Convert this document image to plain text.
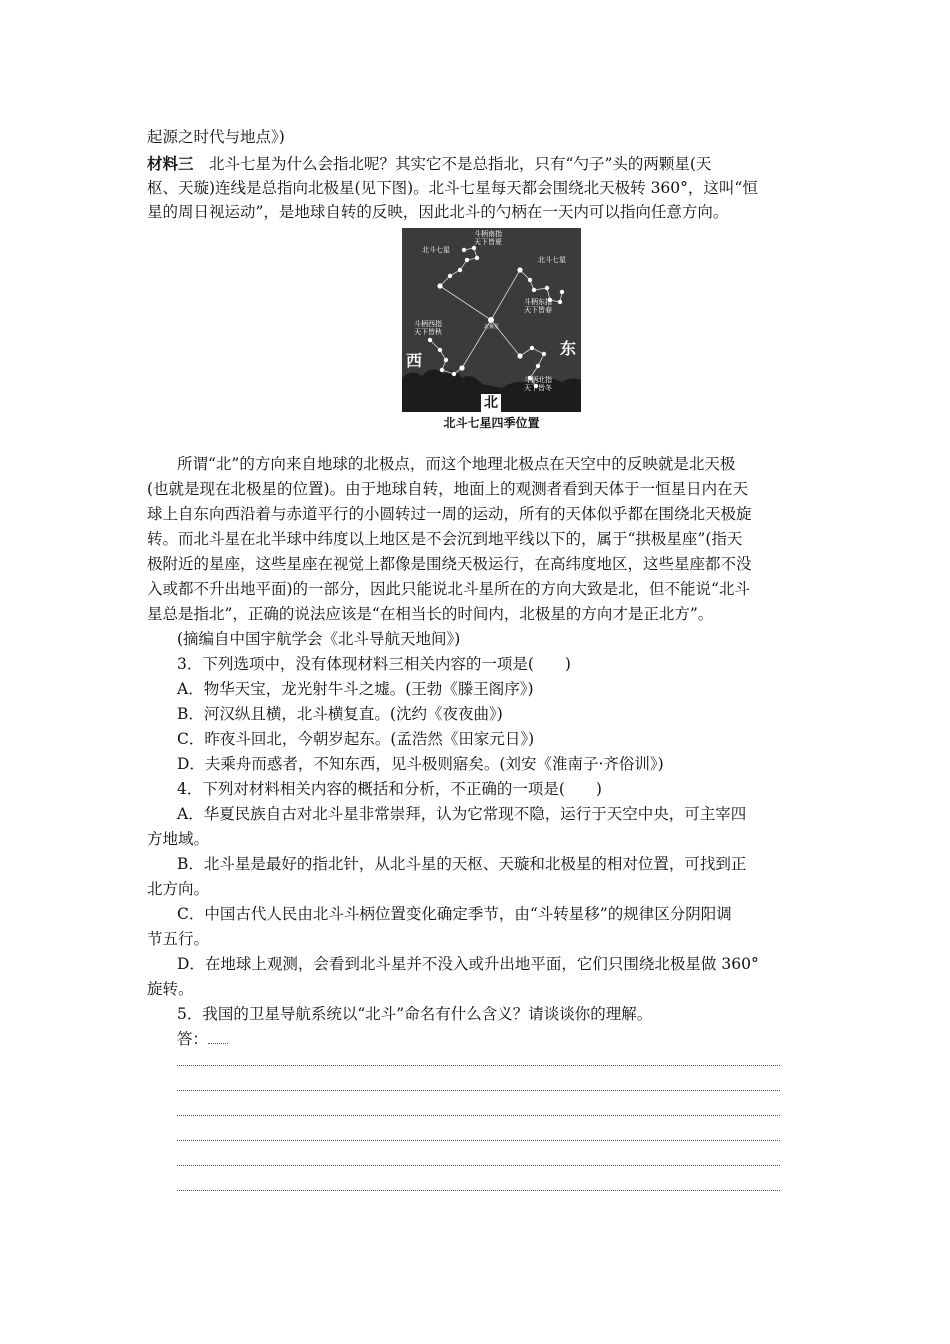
起源之时代与地点》)
材料三　 北斗七星为什么会指北呢？其实它不是总指北，只有“勺子”头的两颗星(天
枢、天璇)连线是总指向北极星(见下图)。北斗七星每天都会围绕北天极转 360°，这叫“恒
星的周日视运动”，是地球自转的反映，因此北斗的勺柄在一天内可以指向任意方向。
斗柄南指
天下皆夏
北斗七星
北斗七星
斗柄东指
天下皆春
斗柄西指
天下皆秋
北极星
斗柄北指
天下皆冬
西
东
北
北斗七星四季位置
所谓“北”的方向来自地球的北极点，而这个地理北极点在天空中的反映就是北天极
(也就是现在北极星的位置)。由于地球自转，地面上的观测者看到天体于一恒星日内在天
球上自东向西沿着与赤道平行的小圆转过一周的运动，所有的天体似乎都在围绕北天极旋
转。而北斗星在北半球中纬度以上地区是不会沉到地平线以下的，属于“拱极星座”(指天
极附近的星座，这些星座在视觉上都像是围绕天极运行，在高纬度地区，这些星座都不没
入或都不升出地平面)的一部分，因此只能说北斗星所在的方向大致是北，但不能说“北斗
星总是指北”，正确的说法应该是“在相当长的时间内，北极星的方向才是正北方”。
(摘编自中国宇航学会《北斗导航天地间》)
3．下列选项中，没有体现材料三相关内容的一项是(　　)
A．物华天宝，龙光射牛斗之墟。(王勃《滕王阁序》)
B．河汉纵且横，北斗横复直。(沈约《夜夜曲》)
C．昨夜斗回北，今朝岁起东。(孟浩然《田家元日》)
D．夫乘舟而惑者，不知东西，见斗极则寤矣。(刘安《淮南子·齐俗训》)
4．下列对材料相关内容的概括和分析，不正确的一项是(　　)
A．华夏民族自古对北斗星非常崇拜，认为它常现不隐，运行于天空中央，可主宰四
方地域。
B．北斗星是最好的指北针，从北斗星的天枢、天璇和北极星的相对位置，可找到正
北方向。
C．中国古代人民由北斗斗柄位置变化确定季节，由“斗转星移”的规律区分阴阳调
节五行。
D．在地球上观测，会看到北斗星并不没入或升出地平面，它们只围绕北极星做 360°
旋转。
5．我国的卫星导航系统以“北斗”命名有什么含义？请谈谈你的理解。
答：
